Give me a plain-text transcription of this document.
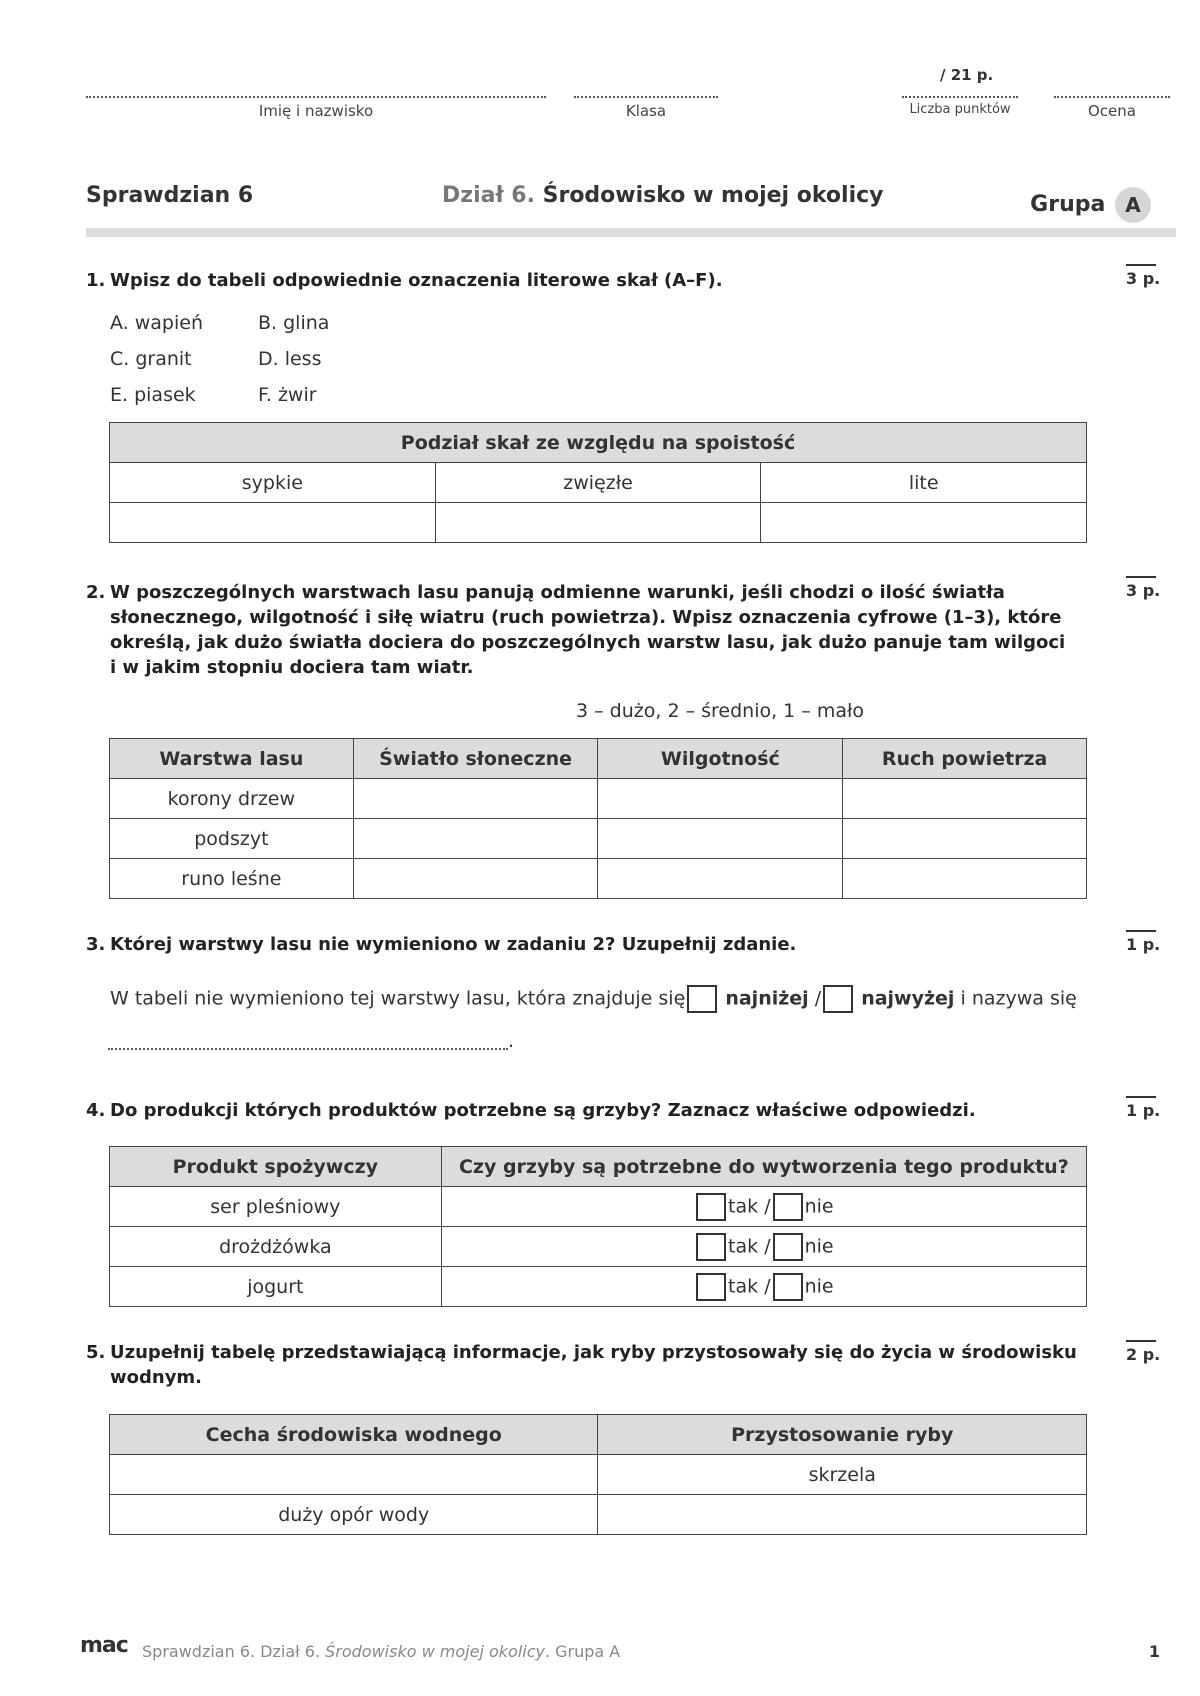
Imię i nazwisko	Klasa
/ 21 p.
Liczba punktów	Ocena
Sprawdzian 6	Dział 6. Środowisko w mojej okolicy	Grupa A
1. Wpisz do tabeli odpowiednie oznaczenia literowe skał (A–F).	3 p.
A. wapień	B. glina
C. granit	D. less
E. piasek	F. żwir
Podział skał ze względu na spoistość		
sypkie	zwięzłe	lite

2. W poszczególnych warstwach lasu panują odmienne warunki, jeśli chodzi o ilość światła słonecznego, wilgotność i siłę wiatru (ruch powietrza). Wpisz oznaczenia cyfrowe (1–3), które określą, jak dużo światła dociera do poszczególnych warstw lasu, jak dużo panuje tam wilgoci i w jakim stopniu dociera tam wiatr.
3 p.
3 – dużo, 2 – średnio, 1 – mało
Warstwa lasu	Światło słoneczne	Wilgotność	Ruch powietrza
korony drzew			
podszyt			
runo leśne			
3. Której warstwy lasu nie wymieniono w zadaniu 2? Uzupełnij zdanie.	1 p.
W tabeli nie wymieniono tej warstwy lasu, która znajduje się najniżej / najwyżej i nazywa się
.
4. Do produkcji których produktów potrzebne są grzyby? Zaznacz właściwe odpowiedzi.	1 p.
Produkt spożywczy	Czy grzyby są potrzebne do wytworzenia tego produktu?
ser pleśniowy	tak / nie
drożdżówka	tak / nie
jogurt	tak / nie
5. Uzupełnij tabelę przedstawiającą informacje, jak ryby przystosowały się do życia w środowisku wodnym.
2 p.
Cecha środowiska wodnego	Przystosowanie ryby
	skrzela
duży opór wody	
mac Sprawdzian 6. Dział 6. Środowisko w mojej okolicy. Grupa A	1
